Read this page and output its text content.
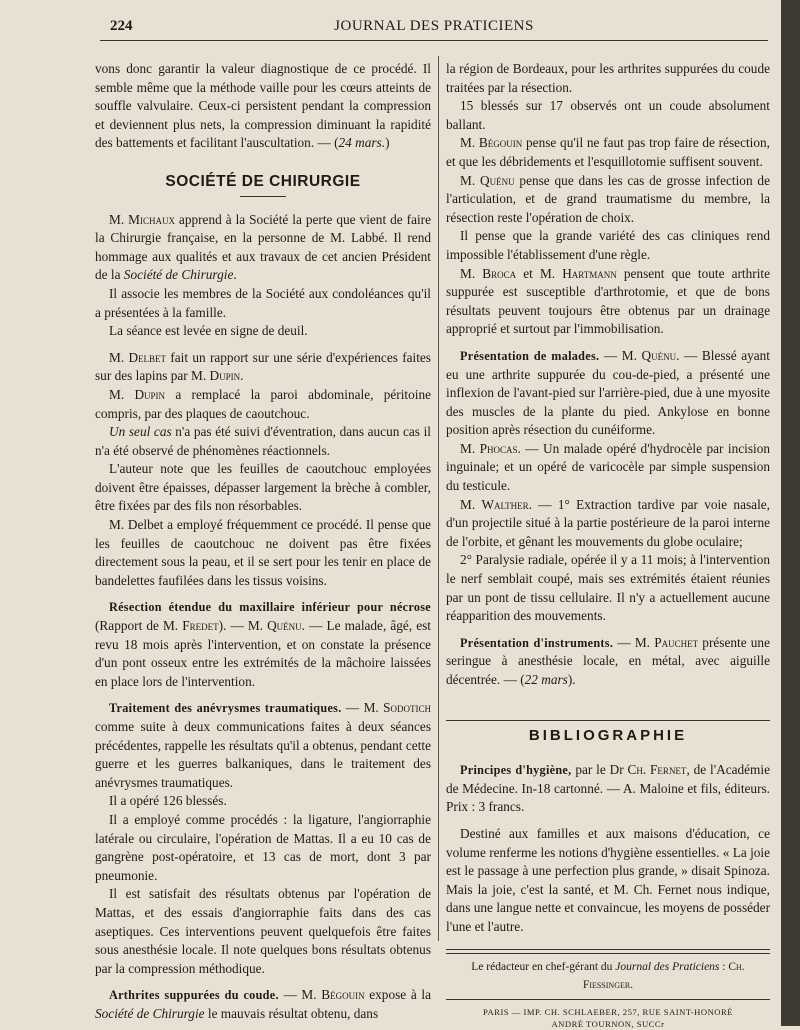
224	JOURNAL DES PRATICIENS

vons donc garantir la valeur diagnostique de ce procédé. Il semble même que la méthode vaille pour les cœurs atteints de souffle valvulaire. Ceux-ci persistent pendant la compression et deviennent plus nets, la compression diminuant la rapidité des battements et facilitant l'auscultation. — (24 mars.)

SOCIÉTÉ DE CHIRURGIE

M. Michaux apprend à la Société la perte que vient de faire la Chirurgie française, en la personne de M. Labbé. Il rend hommage aux qualités et aux travaux de cet ancien Président de la Société de Chirurgie.

Il associe les membres de la Société aux condoléances qu'il a présentées à la famille.

La séance est levée en signe de deuil.

M. Delbet fait un rapport sur une série d'expériences faites sur des lapins par M. Dupin.

M. Dupin a remplacé la paroi abdominale, péritoine compris, par des plaques de caoutchouc.

Un seul cas n'a pas été suivi d'éventration, dans aucun cas il n'a été observé de phénomènes réactionnels.

L'auteur note que les feuilles de caoutchouc employées doivent être épaisses, dépasser largement la brèche à combler, être fixées par des fils non résorbables.

M. Delbet a employé fréquemment ce procédé. Il pense que les feuilles de caoutchouc ne doivent pas être fixées directement sous la peau, et il se sert pour les tenir en place de bandelettes faufilées dans les tissus voisins.

Résection étendue du maxillaire inférieur pour nécrose (Rapport de M. Fredet). — M. Quénu. — Le malade, âgé, est revu 18 mois après l'intervention, et on constate la présence d'un pont osseux entre les extrémités de la mâchoire laissées en place lors de l'intervention.

Traitement des anévrysmes traumatiques. — M. Sodotich comme suite à deux communications faites à deux séances précédentes, rappelle les résultats qu'il a obtenus, pendant cette guerre et les guerres balkaniques, dans le traitement des anévrysmes traumatiques.

Il a opéré 126 blessés.

Il a employé comme procédés : la ligature, l'angiorraphie latérale ou circulaire, l'opération de Mattas. Il a eu 10 cas de gangrène post-opératoire, et 13 cas de mort, dont 3 par pneumonie.

Il est satisfait des résultats obtenus par l'opération de Mattas, et des essais d'angiorraphie faits dans des cas aseptiques. Ces interventions peuvent quelquefois être faites sous anesthésie locale. Il note quelques bons résultats obtenus par la compression méthodique.

Arthrites suppurées du coude. — M. Bégouin expose à la Société de Chirurgie le mauvais résultat obtenu, dans

la région de Bordeaux, pour les arthrites suppurées du coude traitées par la résection.

15 blessés sur 17 observés ont un coude absolument ballant.

M. Bégouin pense qu'il ne faut pas trop faire de résection, et que les débridements et l'esquillotomie suffisent souvent.

M. Quénu pense que dans les cas de grosse infection de l'articulation, et de grand traumatisme du membre, la résection reste l'opération de choix.

Il pense que la grande variété des cas cliniques rend impossible l'établissement d'une règle.

M. Broca et M. Hartmann pensent que toute arthrite suppurée est susceptible d'arthrotomie, et que de bons résultats peuvent toujours être obtenus par un drainage approprié et surtout par l'immobilisation.

Présentation de malades. — M. Quénu. — Blessé ayant eu une arthrite suppurée du cou-de-pied, a présenté une inflexion de l'avant-pied sur l'arrière-pied, due à une myosite des muscles de la plante du pied. Ankylose en bonne position après résection du cunéiforme.

M. Phocas. — Un malade opéré d'hydrocèle par incision inguinale; et un opéré de varicocèle par simple suspension du testicule.

M. Walther. — 1° Extraction tardive par voie nasale, d'un projectile situé à la partie postérieure de la paroi interne de l'orbite, et gênant les mouvements du globe oculaire;

2° Paralysie radiale, opérée il y a 11 mois; à l'intervention le nerf semblait coupé, mais ses extrémités étaient réunies par un pont de tissu cellulaire. Il n'y a actuellement aucune réapparition des mouvements.

Présentation d'instruments. — M. Pauchet présente une seringue à anesthésie locale, en métal, avec aiguille décentrée. — (22 mars).

BIBLIOGRAPHIE

Principes d'hygiène, par le Dr Ch. Fernet, de l'Académie de Médecine. In-18 cartonné. — A. Maloine et fils, éditeurs. Prix : 3 francs.

Destiné aux familles et aux maisons d'éducation, ce volume renferme les notions d'hygiène essentielles. « La joie est le passage à une perfection plus grande, » disait Spinoza. Mais la joie, c'est la santé, et M. Ch. Fernet nous indique, dans une langue nette et convaincue, les moyens de posséder l'une et l'autre.

Le rédacteur en chef-gérant du Journal des Praticiens : Ch. Fiessinger.
PARIS — IMP. CH. SCHLAEBER, 257, RUE SAINT-HONORÉ
ANDRÉ TOURNON, SUCCr
